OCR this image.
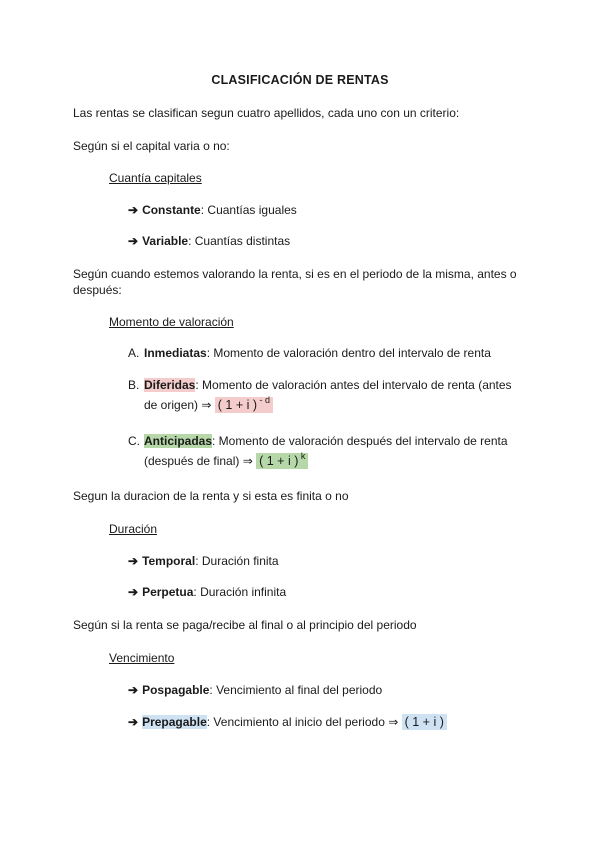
CLASIFICACIÓN DE RENTAS
Las rentas se clasifican segun cuatro apellidos, cada uno con un criterio:
Según si el capital varia o no:
Cuantía capitales
➔ Constante: Cuantías iguales
➔ Variable: Cuantías distintas
Según cuando estemos valorando la renta, si es en el periodo de la misma, antes o
después:
Momento de valoración
A. Inmediatas: Momento de valoración dentro del intervalo de renta
B. Diferidas: Momento de valoración antes del intervalo de renta (antes
de origen) ⇒ ( 1 + i ) $^{- d}$
C. Anticipadas: Momento de valoración después del intervalo de renta
(después de final) ⇒ ( 1 + i ) $^k$
Segun la duracion de la renta y si esta es finita o no
Duración
➔ Temporal: Duración finita
➔ Perpetua: Duración infinita
Según si la renta se paga/recibe al final o al principio del periodo
Vencimiento
➔ Pospagable: Vencimiento al final del periodo
➔ Prepagable: Vencimiento al inicio del periodo ⇒ ( 1 + i )
